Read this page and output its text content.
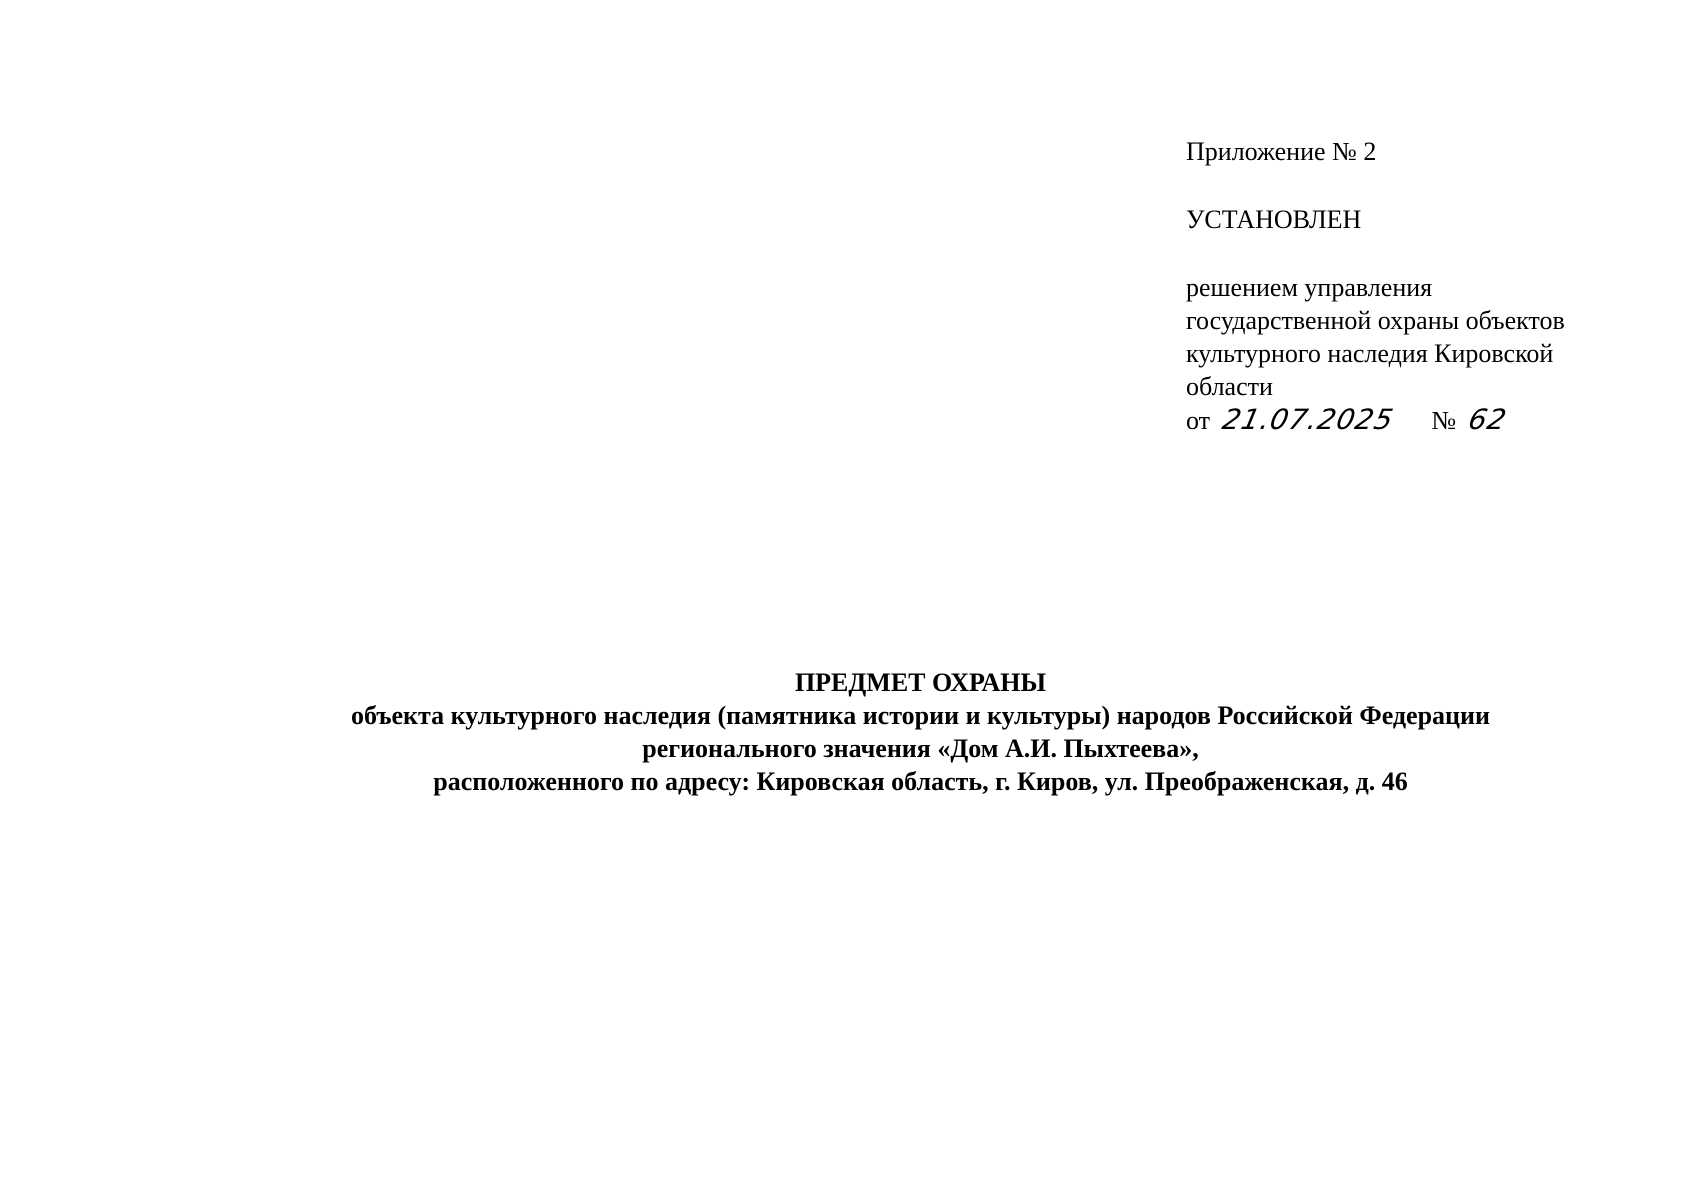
Приложение № 2
УСТАНОВЛЕН
решением управления
государственной охраны объектов
культурного наследия Кировской
области
от 21.07.2025 № 62
ПРЕДМЕТ ОХРАНЫ
объекта культурного наследия (памятника истории и культуры) народов Российской Федерации
регионального значения «Дом А.И. Пыхтеева»,
расположенного по адресу: Кировская область, г. Киров, ул. Преображенская, д. 46
